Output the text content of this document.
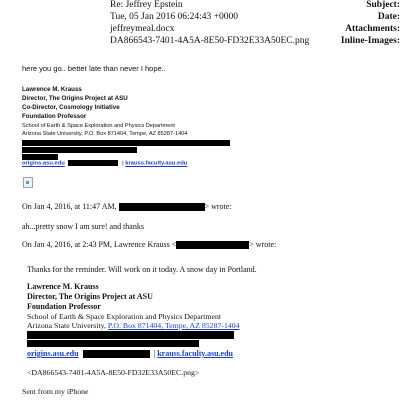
Subject:
Re: Jeffrey Epstein
Date:
Tue, 05 Jan 2016 06:24:43 +0000
Attachments:
jeffreymeal.docx
Inline-Images:
DA866543-7401-4A5A-8E50-FD32E33A50EC.png
here you go.. better late than never I hope..
Lawrence M. Krauss
Director, The Origins Project at ASU
Co-Director, Cosmology Initiative
Foundation Professor
School of Earth & Space Exploration and Physics Department
Arizona State University, P.O. Box 871404, Tempe, AZ 85287-1404
origins.asu.edu	| krauss.faculty.asu.edu
On Jan 4, 2016, at 11:47 AM,	> wrote:
ah...pretty snow I am sure! and thanks
On Jan 4, 2016, at 2:43 PM, Lawrence Krauss <	> wrote:
Thanks for the reminder. Will work on it today. A snow day in Portland.
Lawrence M. Krauss
Director, The Origins Project at ASU
Foundation Professor
School of Earth & Space Exploration and Physics Department
Arizona State University, P.O. Box 871404, Tempe, AZ 85287-1404
origins.asu.edu	| krauss.faculty.asu.edu
<DA866543-7401-4A5A-8E50-FD32E33A50EC.png>
Sent from my iPhone
